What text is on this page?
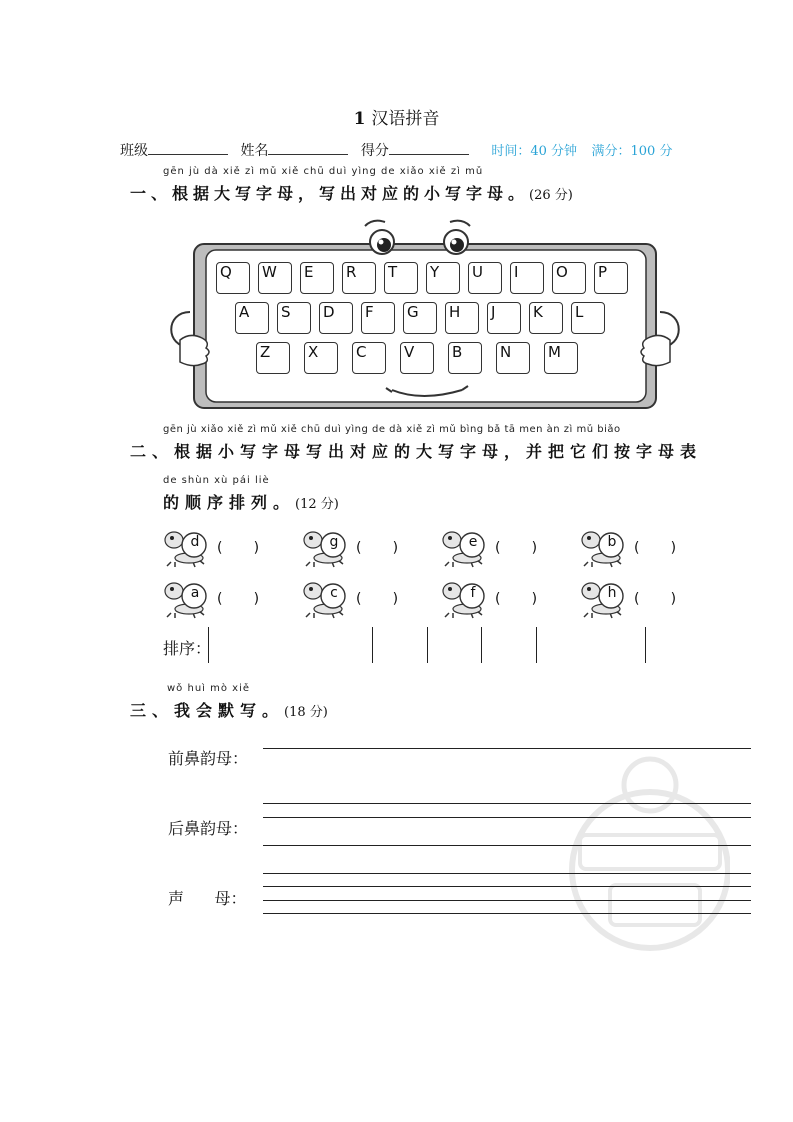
1 汉语拼音
班级	姓名	得分	时间：40 分钟 满分：100 分
gēn jù dà xiě zì mǔ xiě chū duì yìng de xiǎo xiě zì mǔ
一、根据大写字母，写出对应的小写字母。(26 分)
Q	W	E	R	T	Y	U	I	O	P
A	S	D	F	G	H	J	K	L
Z	X	C	V	B	N	M
gēn jù xiǎo xiě zì mǔ xiě chū duì yìng de dà xiě zì mǔ bìng bǎ tā men àn zì mǔ biǎo
二、根据小写字母写出对应的大写字母，并把它们按字母表
de shùn xù pái liè
的顺序排列。(12 分)
d (       )	g (       )	e (       )	b (       )
a (       )	c (       )	f (       )	h (       )
排序：
wǒ huì mò xiě
三、我会默写。(18 分)
前鼻韵母：
后鼻韵母：
声      母：
